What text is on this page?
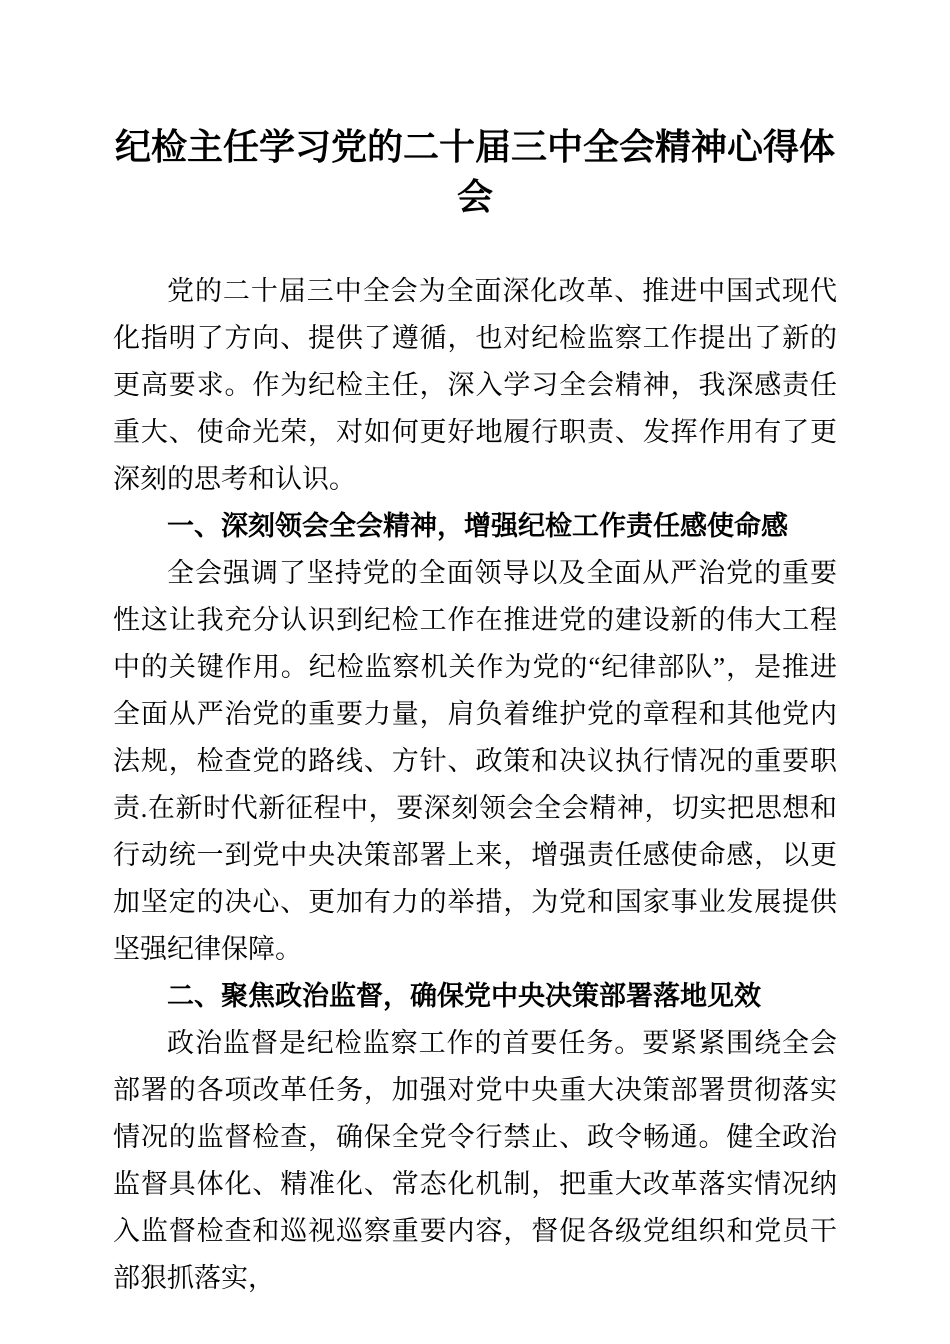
纪检主任学习党的二十届三中全会精神心得体会

党的二十届三中全会为全面深化改革、推进中国式现代化指明了方向、提供了遵循，也对纪检监察工作提出了新的更高要求。作为纪检主任，深入学习全会精神，我深感责任重大、使命光荣，对如何更好地履行职责、发挥作用有了更深刻的思考和认识。

一、深刻领会全会精神，增强纪检工作责任感使命感

全会强调了坚持党的全面领导以及全面从严治党的重要性这让我充分认识到纪检工作在推进党的建设新的伟大工程中的关键作用。纪检监察机关作为党的“纪律部队”，是推进全面从严治党的重要力量，肩负着维护党的章程和其他党内法规，检查党的路线、方针、政策和决议执行情况的重要职责.在新时代新征程中，要深刻领会全会精神，切实把思想和行动统一到党中央决策部署上来，增强责任感使命感，以更加坚定的决心、更加有力的举措，为党和国家事业发展提供坚强纪律保障。

二、聚焦政治监督，确保党中央决策部署落地见效

政治监督是纪检监察工作的首要任务。要紧紧围绕全会部署的各项改革任务，加强对党中央重大决策部署贯彻落实情况的监督检查，确保全党令行禁止、政令畅通。健全政治监督具体化、精准化、常态化机制，把重大改革落实情况纳入监督检查和巡视巡察重要内容，督促各级党组织和党员干部狠抓落实，
